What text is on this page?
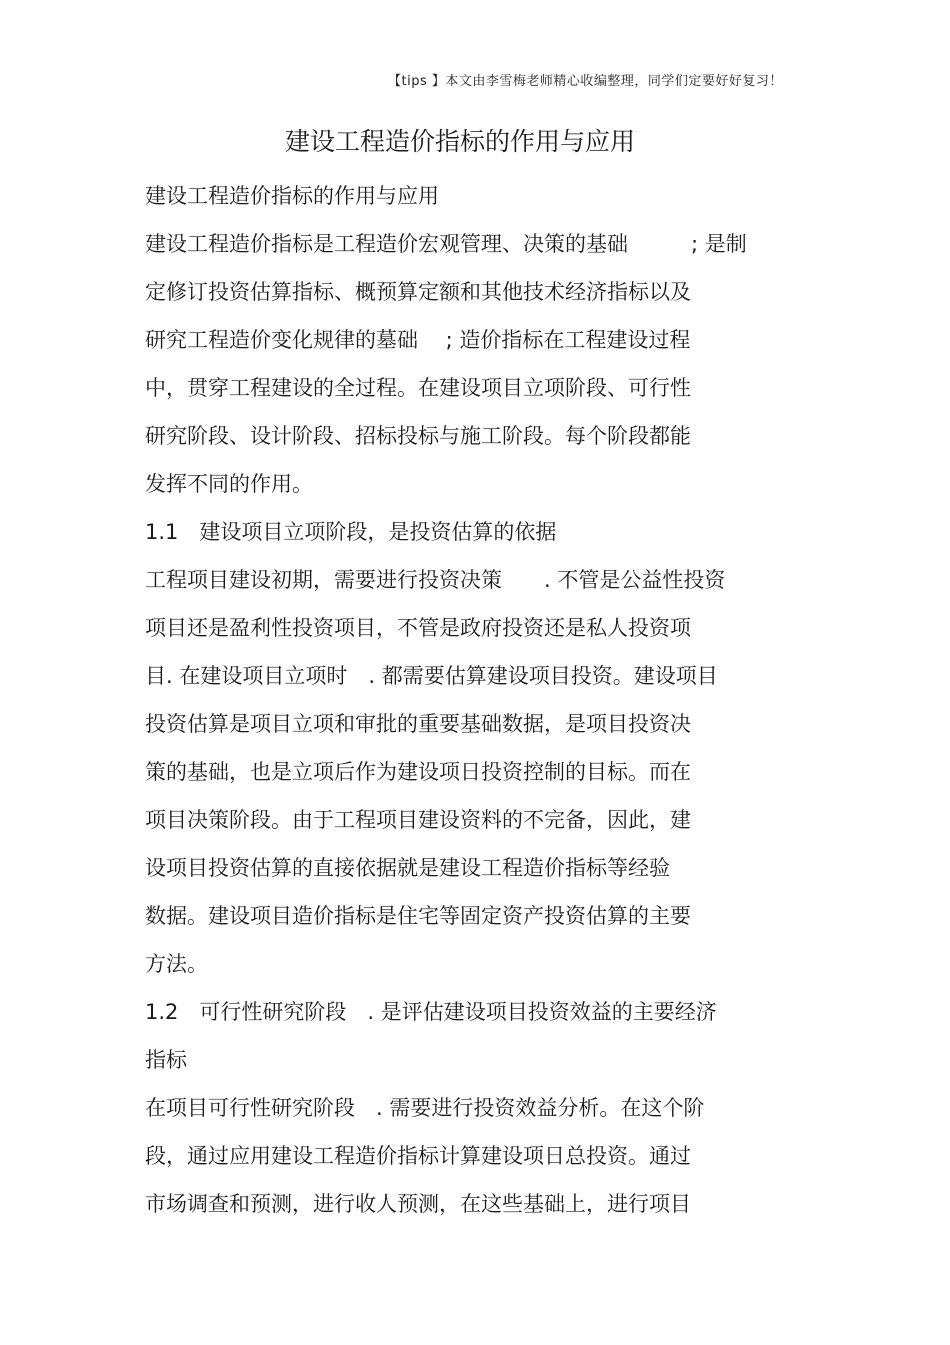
【tips 】本文由李雪梅老师精心收编整理，同学们定要好好复习！
建设工程造价指标的作用与应用
建设工程造价指标的作用与应用
建设工程造价指标是工程造价宏观管理、决策的基础　　　; 是制
定修订投资估算指标、概预算定额和其他技术经济指标以及
研究工程造价变化规律的墓础　 ; 造价指标在工程建设过程
中，贯穿工程建设的全过程。在建设项目立项阶段、可行性
研究阶段、设计阶段、招标投标与施工阶段。每个阶段都能
发挥不同的作用。
1.1　建设项目立项阶段，是投资估算的依据
工程项目建设初期，需要进行投资决策　　. 不管是公益性投资
项目还是盈利性投资项目，不管是政府投资还是私人投资项
目. 在建设项目立项时　. 都需要估算建设项目投资。建设项目
投资估算是项目立项和审批的重要基础数据，是项目投资决
策的基础，也是立项后作为建设项日投资控制的目标。而在
项目决策阶段。由于工程项目建设资料的不完备，因此，建
设项目投资估算的直接依据就是建设工程造价指标等经验
数据。建设项目造价指标是住宅等固定资产投资估算的主要
方法。
1.2　可行性研究阶段　. 是评估建设项目投资效益的主要经济
指标
在项目可行性研究阶段　. 需要进行投资效益分析。在这个阶
段，通过应用建设工程造价指标计算建设项日总投资。通过
市场调查和预测，进行收人预测，在这些基础上，进行项目
